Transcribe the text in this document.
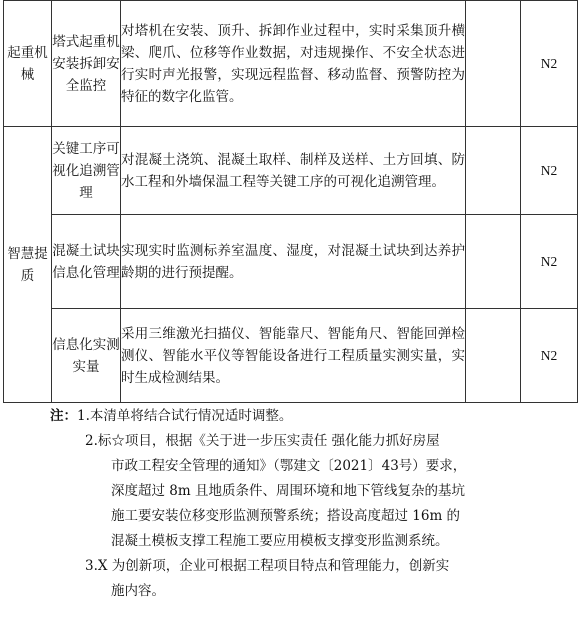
起重机械	塔式起重机安装拆卸安全监控	对塔机在安装、顶升、拆卸作业过程中，实时采集顶升横梁、爬爪、位移等作业数据，对违规操作、不安全状态进行实时声光报警，实现远程监督、移动监督、预警防控为特征的数字化监管。		N2
智慧提质	关键工序可视化追溯管理	对混凝土浇筑、混凝土取样、制样及送样、土方回填、防水工程和外墙保温工程等关键工序的可视化追溯管理。		N2
	混凝土试块信息化管理	实现实时监测标养室温度、湿度，对混凝土试块到达养护龄期的进行预提醒。		N2
	信息化实测实量	采用三维激光扫描仪、智能靠尺、智能角尺、智能回弹检测仪、智能水平仪等智能设备进行工程质量实测实量，实时生成检测结果。		N2
注：1.本清单将结合试行情况适时调整。
2.标☆项目，根据《关于进一步压实责任 强化能力抓好房屋
市政工程安全管理的通知》（鄂建文〔2021〕43号）要求，
深度超过 8m 且地质条件、周围环境和地下管线复杂的基坑
施工要安装位移变形监测预警系统；搭设高度超过 16m 的
混凝土模板支撑工程施工要应用模板支撑变形监测系统。
3.X 为创新项，企业可根据工程项目特点和管理能力，创新实
施内容。
